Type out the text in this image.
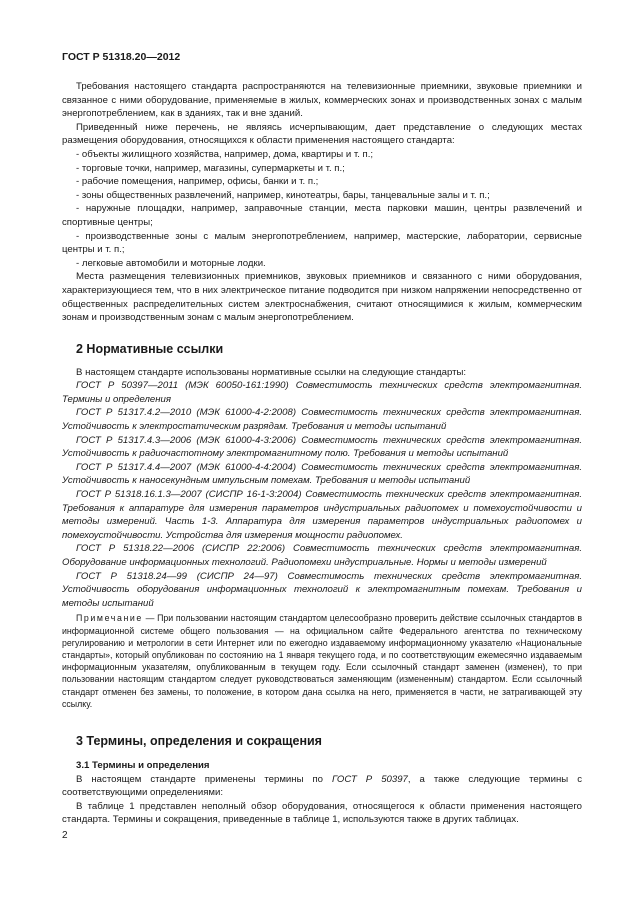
ГОСТ Р 51318.20—2012

Требования настоящего стандарта распространяются на телевизионные приемники, звуковые приемники и связанное с ними оборудование, применяемые в жилых, коммерческих зонах и производственных зонах с малым энергопотреблением, как в зданиях, так и вне зданий.

Приведенный ниже перечень, не являясь исчерпывающим, дает представление о следующих местах размещения оборудования, относящихся к области применения настоящего стандарта:

- объекты жилищного хозяйства, например, дома, квартиры и т. п.;

- торговые точки, например, магазины, супермаркеты и т. п.;

- рабочие помещения, например, офисы, банки и т. п.;

- зоны общественных развлечений, например, кинотеатры, бары, танцевальные залы и т. п.;

- наружные площадки, например, заправочные станции, места парковки машин, центры развлечений и спортивные центры;

- производственные зоны с малым энергопотреблением, например, мастерские, лаборатории, сервисные центры и т. п.;

- легковые автомобили и моторные лодки.

Места размещения телевизионных приемников, звуковых приемников и связанного с ними оборудования, характеризующиеся тем, что в них электрическое питание подводится при низком напряжении непосредственно от общественных распределительных систем электроснабжения, считают относящимися к жилым, коммерческим зонам и производственным зонам с малым энергопотреблением.

2 Нормативные ссылки

В настоящем стандарте использованы нормативные ссылки на следующие стандарты:

ГОСТ Р 50397—2011 (МЭК 60050-161:1990) Совместимость технических средств электромагнитная. Термины и определения

ГОСТ Р 51317.4.2—2010 (МЭК 61000-4-2:2008) Совместимость технических средств электромагнитная. Устойчивость к электростатическим разрядам. Требования и методы испытаний

ГОСТ Р 51317.4.3—2006 (МЭК 61000-4-3:2006) Совместимость технических средств электромагнитная. Устойчивость к радиочастотному электромагнитному полю. Требования и методы испытаний

ГОСТ Р 51317.4.4—2007 (МЭК 61000-4-4:2004) Совместимость технических средств электромагнитная. Устойчивость к наносекундным импульсным помехам. Требования и методы испытаний

ГОСТ Р 51318.16.1.3—2007 (СИСПР 16-1-3:2004) Совместимость технических средств электромагнитная. Требования к аппаратуре для измерения параметров индустриальных радиопомех и помехоустойчивости и методы измерений. Часть 1-3. Аппаратура для измерения параметров индустриальных радиопомех и помехоустойчивости. Устройства для измерения мощности радиопомех.

ГОСТ Р 51318.22—2006 (СИСПР 22:2006) Совместимость технических средств электромагнитная. Оборудование информационных технологий. Радиопомехи индустриальные. Нормы и методы измерений

ГОСТ Р 51318.24—99 (СИСПР 24—97) Совместимость технических средств электромагнитная. Устойчивость оборудования информационных технологий к электромагнитным помехам. Требования и методы испытаний

Примечание — При пользовании настоящим стандартом целесообразно проверить действие ссылочных стандартов в информационной системе общего пользования — на официальном сайте Федерального агентства по техническому регулированию и метрологии в сети Интернет или по ежегодно издаваемому информационному указателю «Национальные стандарты», который опубликован по состоянию на 1 января текущего года, и по соответствующим ежемесячно издаваемым информационным указателям, опубликованным в текущем году. Если ссылочный стандарт заменен (изменен), то при пользовании настоящим стандартом следует руководствоваться заменяющим (измененным) стандартом. Если ссылочный стандарт отменен без замены, то положение, в котором дана ссылка на него, применяется в части, не затрагивающей эту ссылку.

3 Термины, определения и сокращения
3.1 Термины и определения

В настоящем стандарте применены термины по ГОСТ Р 50397, а также следующие термины с соответствующими определениями:

В таблице 1 представлен неполный обзор оборудования, относящегося к области применения настоящего стандарта. Термины и сокращения, приведенные в таблице 1, используются также в других таблицах.

2
